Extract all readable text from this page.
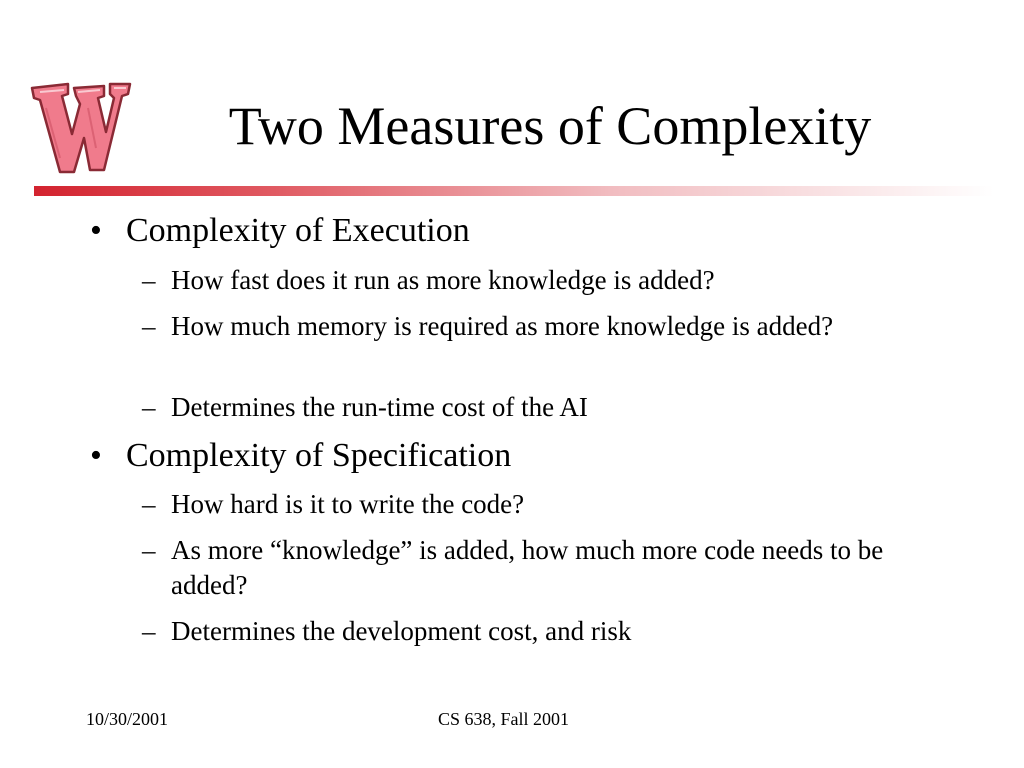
Two Measures of Complexity
• Complexity of Execution
– How fast does it run as more knowledge is added?
– How much memory is required as more knowledge is added?
– Determines the run-time cost of the AI
• Complexity of Specification
– How hard is it to write the code?
– As more “knowledge” is added, how much more code needs to be added?
– Determines the development cost, and risk
10/30/2001	CS 638, Fall 2001
